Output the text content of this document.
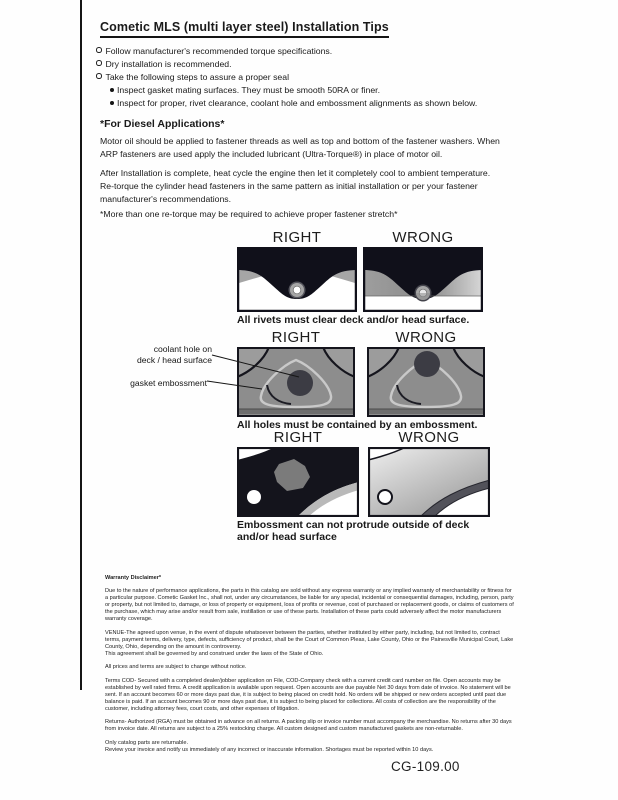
Cometic MLS (multi layer steel) Installation Tips
Follow manufacturer's recommended torque specifications.
Dry installation is recommended.
Take the following steps to assure a proper seal
Inspect gasket mating surfaces. They must be smooth 50RA or finer.
Inspect for proper, rivet clearance, coolant hole and embossment alignments as shown below.
*For Diesel Applications*
Motor oil should be applied to fastener threads as well as top and bottom of the fastener washers. When ARP fasteners are used apply the included lubricant (Ultra-Torque®) in place of motor oil.
After Installation is complete, heat cycle the engine then let it completely cool to ambient temperature. Re-torque the cylinder head fasteners in the same pattern as initial installation or per your fastener manufacturer's recommendations.
*More than one re-torque may be required to achieve proper fastener stretch*
RIGHT	WRONG
All rivets must clear deck and/or head surface.
RIGHT	WRONG
All holes must be contained by an embossment.
coolant hole on
deck / head surface
gasket embossment
RIGHT	WRONG
Embossment can not protrude outside of deck
and/or head surface
Warranty Disclaimer*

Due to the nature of performance applications, the parts in this catalog are sold without any express warranty or any implied warranty of merchantability or fitness for a particular purpose. Cometic Gasket Inc., shall not, under any circumstances, be liable for any special, incidental or consequential damages, including, person, party or property, but not limited to, damage, or loss of property or equipment, loss of profits or revenue, cost of purchased or replacement goods, or claims of customers of the purchase, which may arise and/or result from sale, instillation or use of these parts. Installation of these parts could adversely affect the motor manufacturers warranty coverage.

VENUE-The agreed upon venue, in the event of dispute whatsoever between the parties, whether instituted by either party, including, but not limited to, contract terms, payment terms, delivery, type, defects, sufficiency of product, shall be the Court of Common Pleas, Lake County, Ohio or the Painesville Municipal Court, Lake County, Ohio, depending on the amount in controversy.

This agreement shall be governed by and construed under the laws of the State of Ohio.

All prices and terms are subject to change without notice.

Terms COD- Secured with a completed dealer/jobber application on File, COD-Company check with a current credit card number on file. Open accounts may be established by well rated firms. A credit application is available upon request. Open accounts are due payable Net 30 days from date of invoice. No statement will be sent. If an account becomes 60 or more days past due, it is subject to being placed on credit hold. No orders will be shipped or new orders accepted until past due balance is paid. If an account becomes 90 or more days past due, it is subject to being placed for collections. All costs of collection are the responsibility of the customer, including attorney fees, court costs, and other expenses of litigation.

Returns- Authorized (RGA) must be obtained in advance on all returns. A packing slip or invoice number must accompany the merchandise. No returns after 30 days from invoice date. All returns are subject to a 25% restocking charge. All custom designed and custom manufactured gaskets are non-returnable.

Only catalog parts are returnable.

Review your invoice and notify us immediately of any incorrect or inaccurate information. Shortages must be reported within 10 days.

CG-109.00
